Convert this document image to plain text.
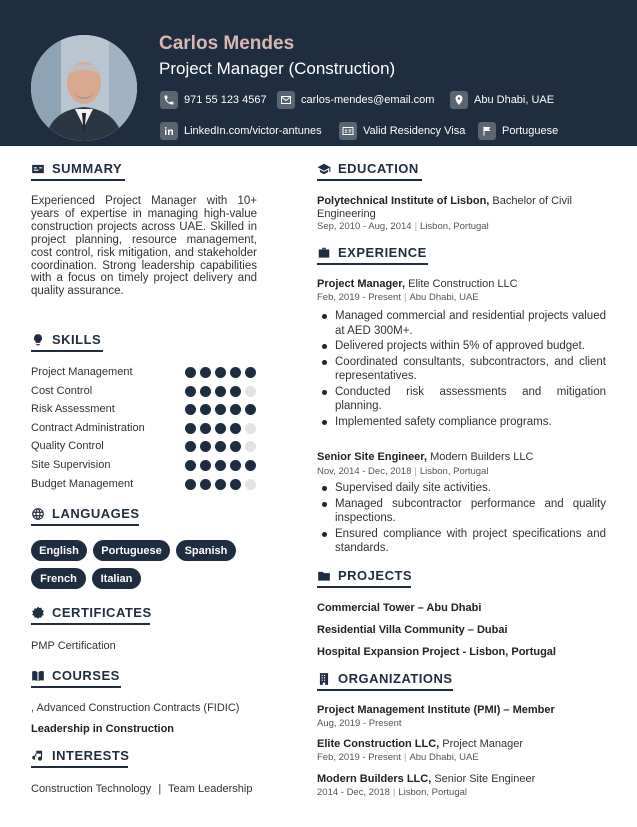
Carlos Mendes
Project Manager (Construction)
971 55 123 4567	carlos-mendes@email.com	Abu Dhabi, UAE
LinkedIn.com/victor-antunes	Valid Residency Visa	Portuguese
SUMMARY
Experienced Project Manager with 10+ years of expertise in managing high-value construction projects across UAE. Skilled in project planning, resource management, cost control, risk mitigation, and stakeholder coordination. Strong leadership capabilities with a focus on timely project delivery and quality assurance.
SKILLS
Project Management
Cost Control
Risk Assessment
Contract Administration
Quality Control
Site Supervision
Budget Management
LANGUAGES
English	Portuguese	Spanish
French	Italian
CERTIFICATES
PMP Certification
COURSES
, Advanced Construction Contracts (FIDIC)
Leadership in Construction
INTERESTS
Construction Technology | Team Leadership
EDUCATION
Polytechnical Institute of Lisbon, Bachelor of Civil Engineering
Sep, 2010 - Aug, 2014 | Lisbon, Portugal
EXPERIENCE
Project Manager, Elite Construction LLC
Feb, 2019 - Present | Abu Dhabi, UAE
Managed commercial and residential projects valued at AED 300M+.
Delivered projects within 5% of approved budget.
Coordinated consultants, subcontractors, and client representatives.
Conducted risk assessments and mitigation planning.
Implemented safety compliance programs.
Senior Site Engineer, Modern Builders LLC
Nov, 2014 - Dec, 2018 | Lisbon, Portugal
Supervised daily site activities.
Managed subcontractor performance and quality inspections.
Ensured compliance with project specifications and standards.
PROJECTS
Commercial Tower – Abu Dhabi
Residential Villa Community – Dubai
Hospital Expansion Project - Lisbon, Portugal
ORGANIZATIONS
Project Management Institute (PMI) – Member
Aug, 2019 - Present
Elite Construction LLC, Project Manager
Feb, 2019 - Present | Abu Dhabi, UAE
Modern Builders LLC, Senior Site Engineer
2014 - Dec, 2018 | Lisbon, Portugal
